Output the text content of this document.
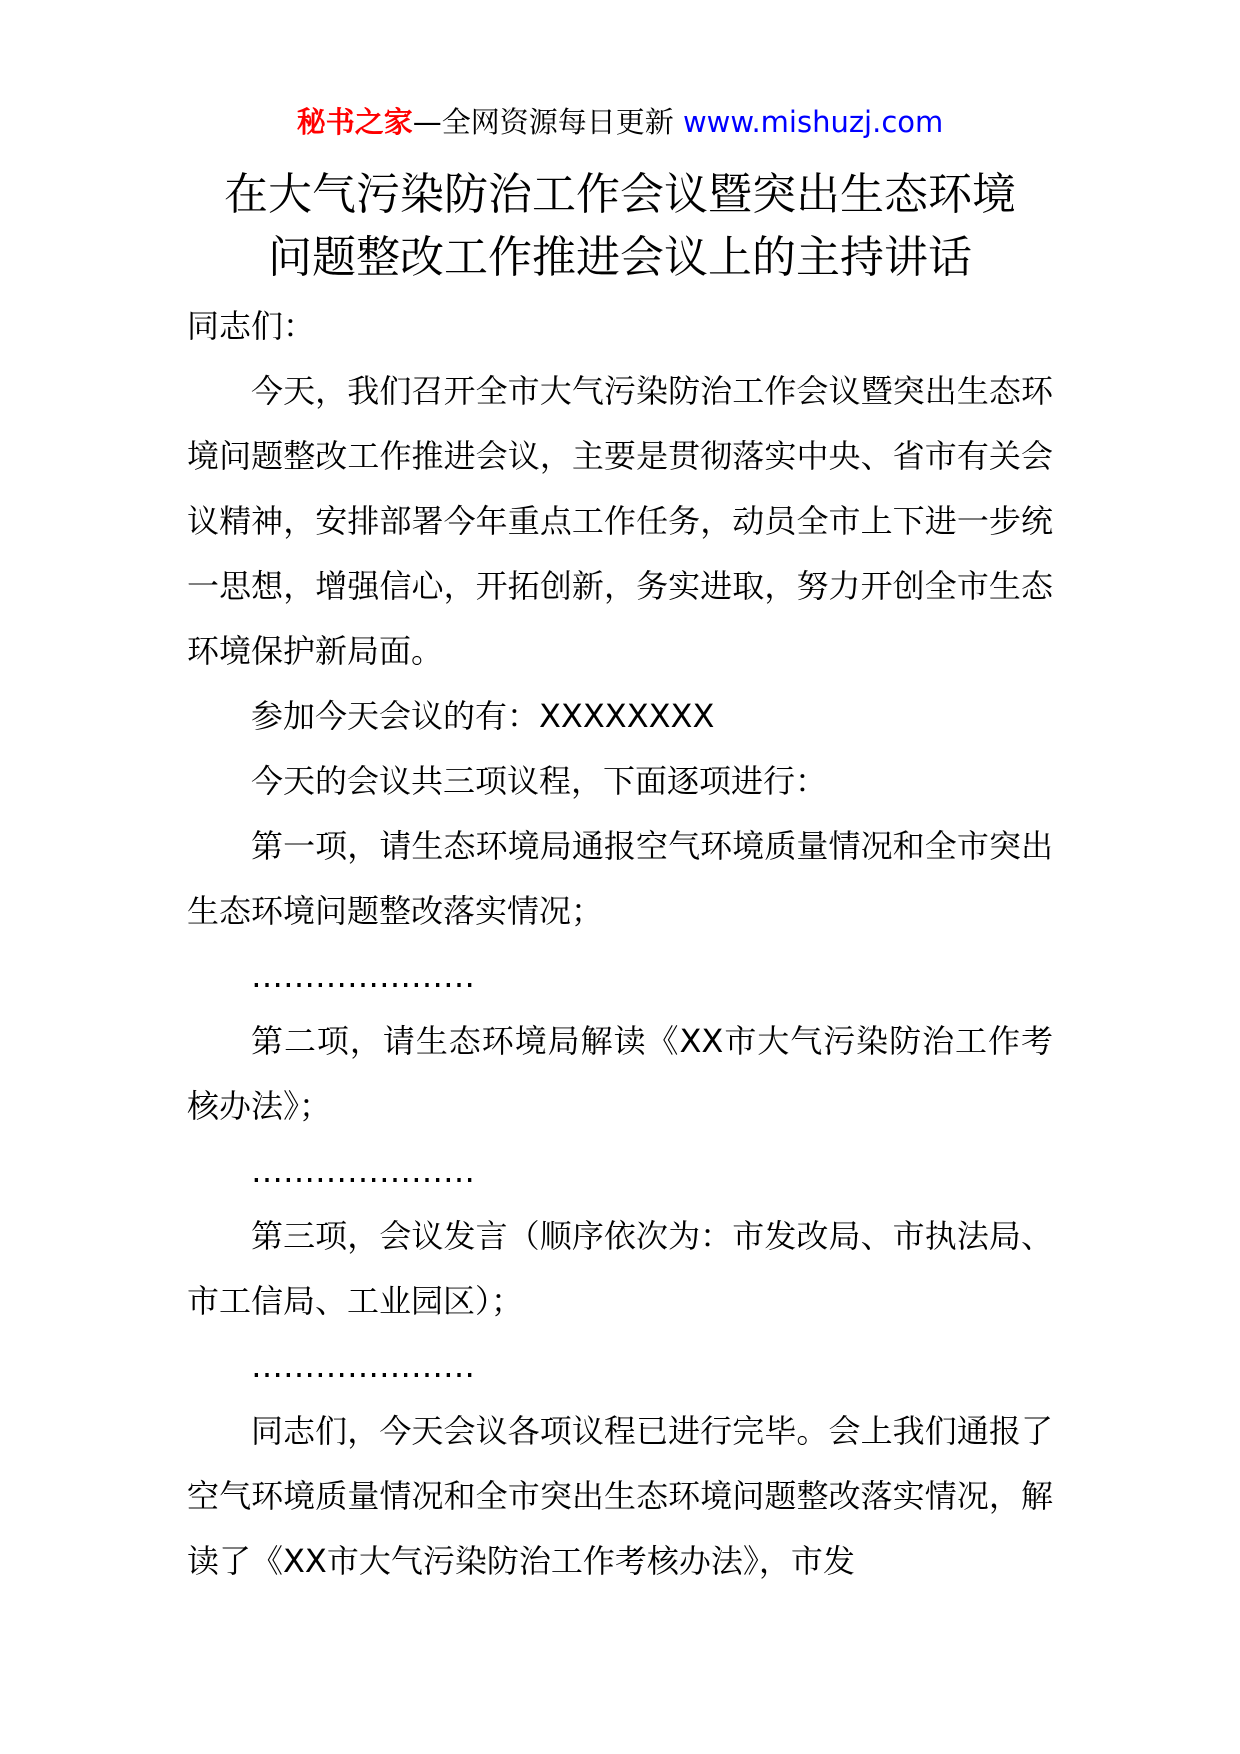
秘书之家—全网资源每日更新 www.mishuzj.com
在大气污染防治工作会议暨突出生态环境
问题整改工作推进会议上的主持讲话

同志们：

今天，我们召开全市大气污染防治工作会议暨突出生态环境问题整改工作推进会议，主要是贯彻落实中央、省市有关会议精神，安排部署今年重点工作任务，动员全市上下进一步统一思想，增强信心，开拓创新，务实进取，努力开创全市生态环境保护新局面。

参加今天会议的有：XXXXXXXX

今天的会议共三项议程，下面逐项进行：

第一项，请生态环境局通报空气环境质量情况和全市突出生态环境问题整改落实情况；

…………………

第二项，请生态环境局解读《XX市大气污染防治工作考核办法》；

…………………

第三项，会议发言（顺序依次为：市发改局、市执法局、市工信局、工业园区）；

…………………

同志们，今天会议各项议程已进行完毕。会上我们通报了空气环境质量情况和全市突出生态环境问题整改落实情况，解读了《XX市大气污染防治工作考核办法》，市发
